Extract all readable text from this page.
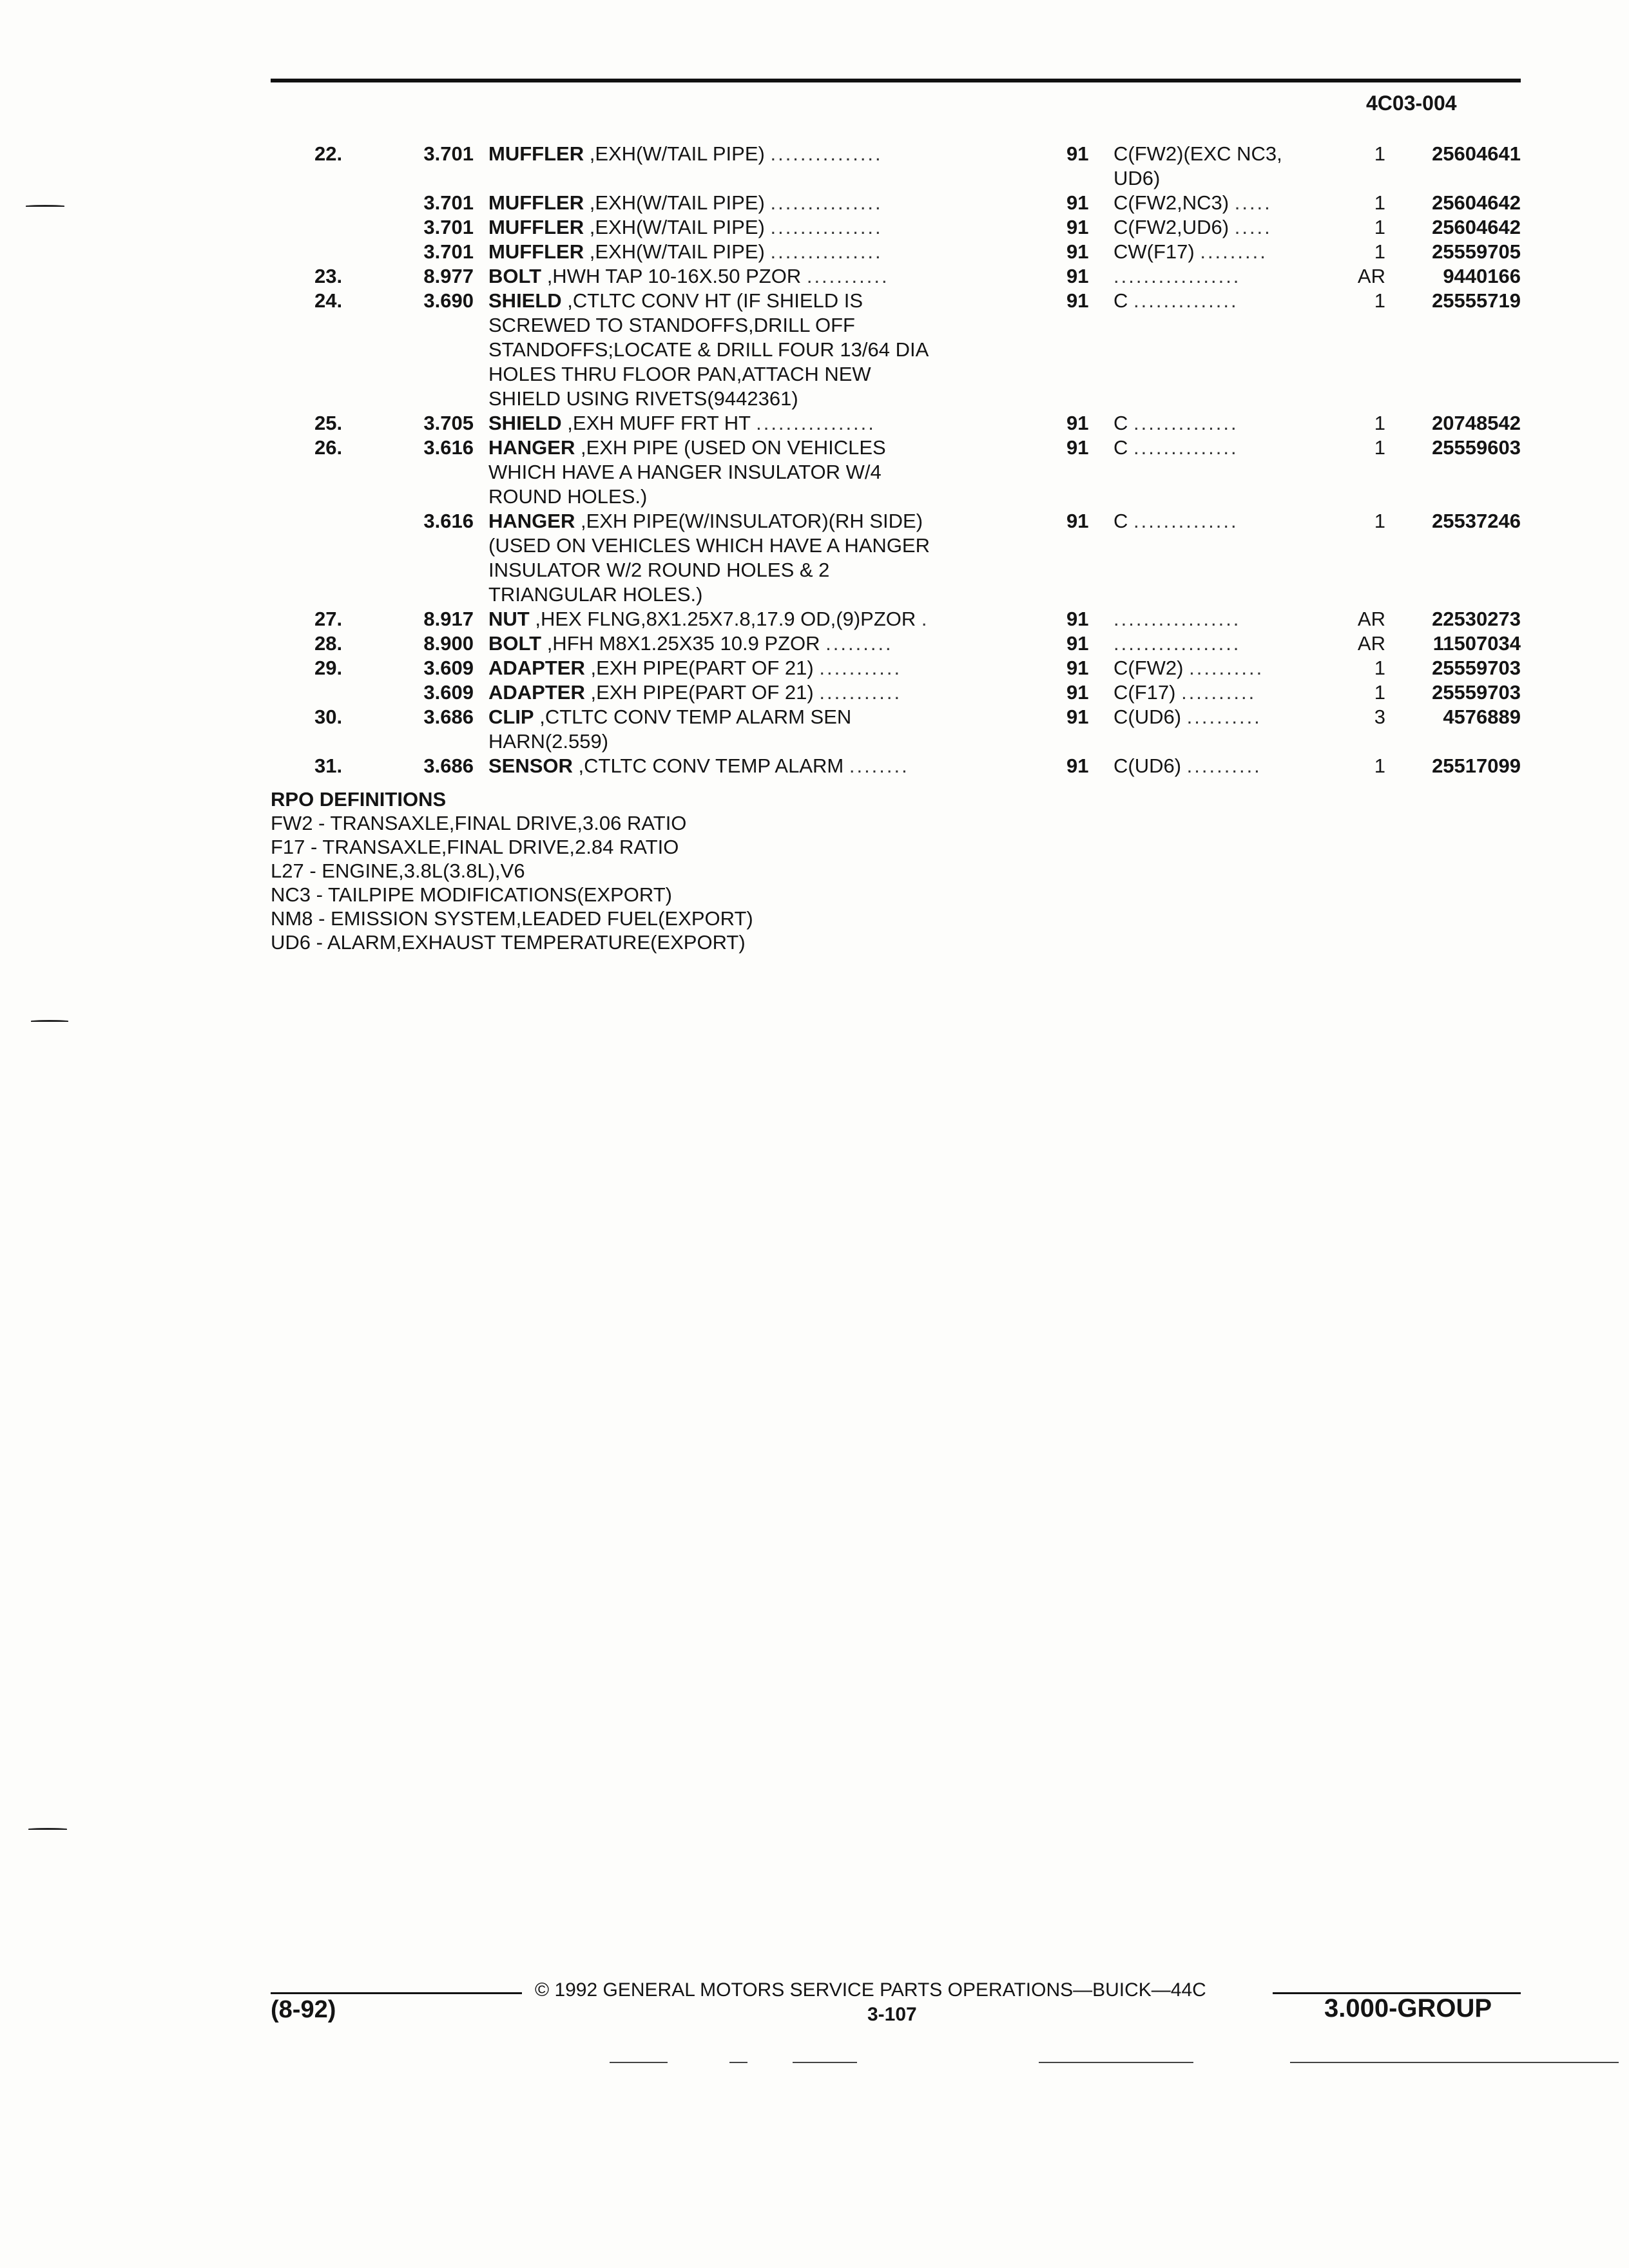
4C03-004
22.	3.701 MUFFLER ,EXH(W/TAIL PIPE) ...............	91	C(FW2)(EXC NC3,	1	25604641
UD6)
3.701 MUFFLER ,EXH(W/TAIL PIPE) ...............	91	C(FW2,NC3) .....	1	25604642
3.701 MUFFLER ,EXH(W/TAIL PIPE) ...............	91	C(FW2,UD6) .....	1	25604642
3.701 MUFFLER ,EXH(W/TAIL PIPE) ...............	91	CW(F17) .........	1	25559705
23.	8.977 BOLT ,HWH TAP 10-16X.50 PZOR ...........	91	.................	AR	9440166
24.	3.690 SHIELD ,CTLTC CONV HT (IF SHIELD IS	91	C ..............	1	25555719
SCREWED TO STANDOFFS,DRILL OFF
STANDOFFS;LOCATE & DRILL FOUR 13/64 DIA
HOLES THRU FLOOR PAN,ATTACH NEW
SHIELD USING RIVETS(9442361)
25.	3.705 SHIELD ,EXH MUFF FRT HT ................	91	C ..............	1	20748542
26.	3.616 HANGER ,EXH PIPE (USED ON VEHICLES	91	C ..............	1	25559603
WHICH HAVE A HANGER INSULATOR W/4
ROUND HOLES.)
3.616 HANGER ,EXH PIPE(W/INSULATOR)(RH SIDE)	91	C ..............	1	25537246
(USED ON VEHICLES WHICH HAVE A HANGER
INSULATOR W/2 ROUND HOLES & 2
TRIANGULAR HOLES.)
27.	8.917 NUT ,HEX FLNG,8X1.25X7.8,17.9 OD,(9)PZOR .	91	.................	AR	22530273
28.	8.900 BOLT ,HFH M8X1.25X35 10.9 PZOR .........	91	.................	AR	11507034
29.	3.609 ADAPTER ,EXH PIPE(PART OF 21) ...........	91	C(FW2) ..........	1	25559703
3.609 ADAPTER ,EXH PIPE(PART OF 21) ...........	91	C(F17) ..........	1	25559703
30.	3.686 CLIP ,CTLTC CONV TEMP ALARM SEN	91	C(UD6) ..........	3	4576889
HARN(2.559)
31.	3.686 SENSOR ,CTLTC CONV TEMP ALARM ........	91	C(UD6) ..........	1	25517099
RPO DEFINITIONS
FW2 - TRANSAXLE,FINAL DRIVE,3.06 RATIO
F17 - TRANSAXLE,FINAL DRIVE,2.84 RATIO
L27 - ENGINE,3.8L(3.8L),V6
NC3 - TAILPIPE MODIFICATIONS(EXPORT)
NM8 - EMISSION SYSTEM,LEADED FUEL(EXPORT)
UD6 - ALARM,EXHAUST TEMPERATURE(EXPORT)
© 1992 GENERAL MOTORS SERVICE PARTS OPERATIONS—BUICK—44C
(8-92)	3-107	3.000-GROUP
